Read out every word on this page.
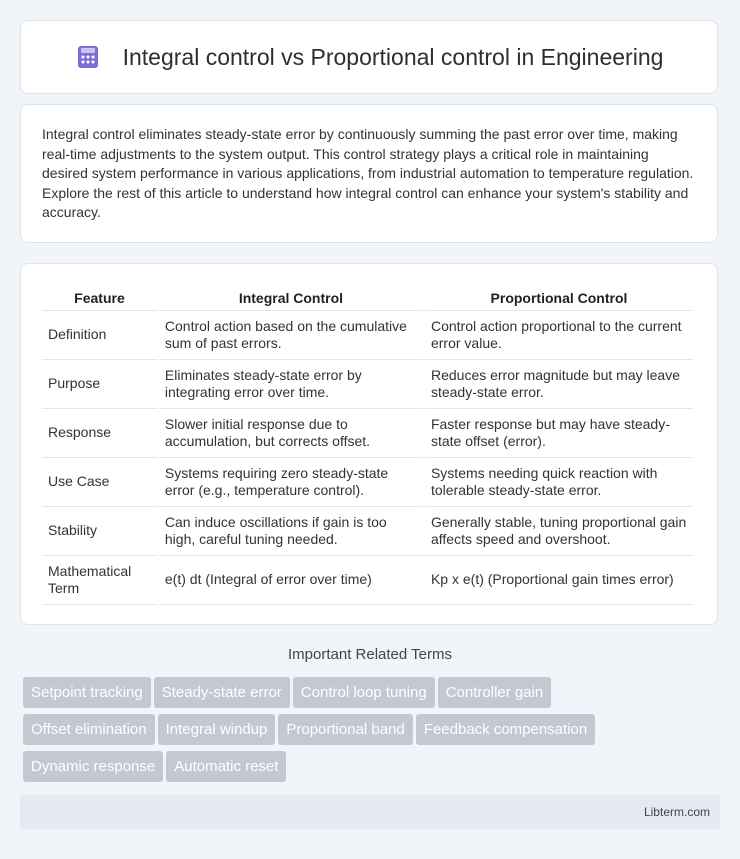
Integral control vs Proportional control in Engineering

Integral control eliminates steady-state error by continuously summing the past error over time, making real-time adjustments to the system output. This control strategy plays a critical role in maintaining desired system performance in various applications, from industrial automation to temperature regulation. Explore the rest of this article to understand how integral control can enhance your system's stability and accuracy.

Feature	Integral Control	Proportional Control
Definition	Control action based on the cumulative sum of past errors.	Control action proportional to the current error value.
Purpose	Eliminates steady-state error by integrating error over time.	Reduces error magnitude but may leave steady-state error.
Response	Slower initial response due to accumulation, but corrects offset.	Faster response but may have steady-state offset (error).
Use Case	Systems requiring zero steady-state error (e.g., temperature control).	Systems needing quick reaction with tolerable steady-state error.
Stability	Can induce oscillations if gain is too high, careful tuning needed.	Generally stable, tuning proportional gain affects speed and overshoot.
Mathematical Term	e(t) dt (Integral of error over time)	Kp x e(t) (Proportional gain times error)
Important Related Terms
Setpoint tracking Steady-state error Control loop tuning Controller gain
Offset elimination Integral windup Proportional band Feedback compensation
Dynamic response Automatic reset
Libterm.com
